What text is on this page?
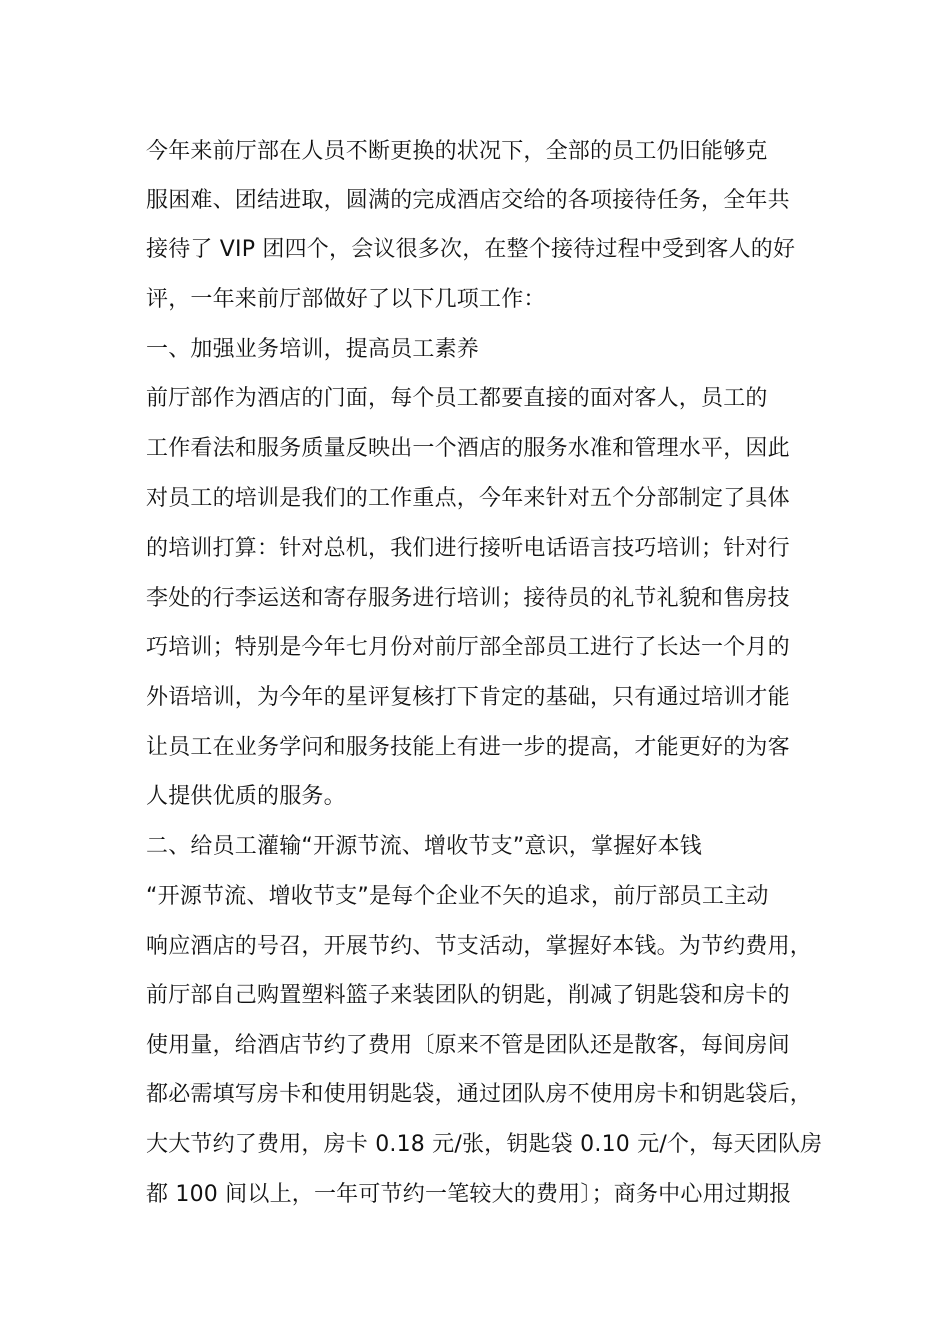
今年来前厅部在人员不断更换的状况下，全部的员工仍旧能够克
服困难、团结进取，圆满的完成酒店交给的各项接待任务，全年共
接待了 VIP 团四个，会议很多次，在整个接待过程中受到客人的好
评，一年来前厅部做好了以下几项工作：
一、加强业务培训，提高员工素养
前厅部作为酒店的门面，每个员工都要直接的面对客人，员工的
工作看法和服务质量反映出一个酒店的服务水准和管理水平，因此
对员工的培训是我们的工作重点，今年来针对五个分部制定了具体
的培训打算：针对总机，我们进行接听电话语言技巧培训；针对行
李处的行李运送和寄存服务进行培训；接待员的礼节礼貌和售房技
巧培训；特别是今年七月份对前厅部全部员工进行了长达一个月的
外语培训，为今年的星评复核打下肯定的基础，只有通过培训才能
让员工在业务学问和服务技能上有进一步的提高，才能更好的为客
人提供优质的服务。
二、给员工灌输“开源节流、增收节支”意识，掌握好本钱
“开源节流、增收节支”是每个企业不矢的追求，前厅部员工主动
响应酒店的号召，开展节约、节支活动，掌握好本钱。为节约费用，
前厅部自己购置塑料篮子来装团队的钥匙，削减了钥匙袋和房卡的
使用量，给酒店节约了费用〔原来不管是团队还是散客，每间房间
都必需填写房卡和使用钥匙袋，通过团队房不使用房卡和钥匙袋后，
大大节约了费用，房卡 0.18 元/张，钥匙袋 0.10 元/个，每天团队房
都 100 间以上，一年可节约一笔较大的费用〕；商务中心用过期报
